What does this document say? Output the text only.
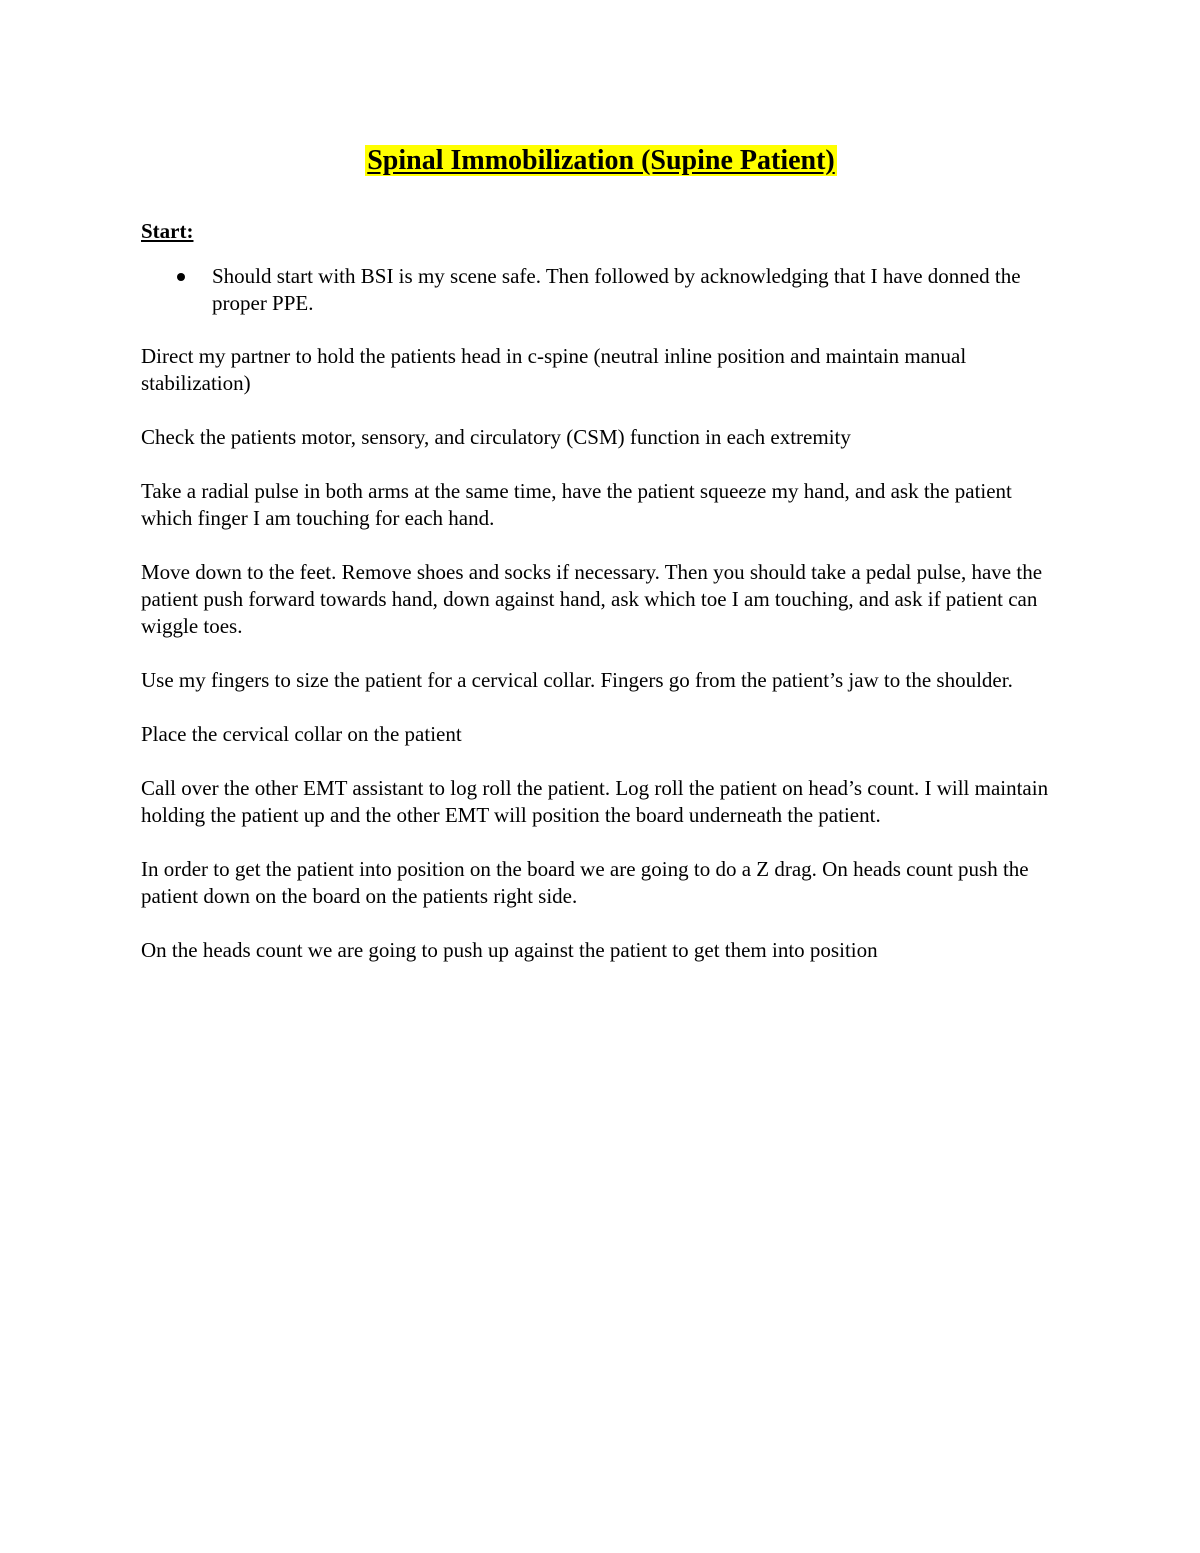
Spinal Immobilization (Supine Patient)
Start:
Should start with BSI is my scene safe. Then followed by acknowledging that I have donned the proper PPE.

Direct my partner to hold the patients head in c-spine (neutral inline position and maintain manual stabilization)

Check the patients motor, sensory, and circulatory (CSM) function in each extremity

Take a radial pulse in both arms at the same time, have the patient squeeze my hand, and ask the patient which finger I am touching for each hand.

Move down to the feet. Remove shoes and socks if necessary. Then you should take a pedal pulse, have the patient push forward towards hand, down against hand, ask which toe I am touching, and ask if patient can wiggle toes.

Use my fingers to size the patient for a cervical collar. Fingers go from the patient’s jaw to the shoulder.

Place the cervical collar on the patient

Call over the other EMT assistant to log roll the patient. Log roll the patient on head’s count. I will maintain holding the patient up and the other EMT will position the board underneath the patient.

In order to get the patient into position on the board we are going to do a Z drag. On heads count push the patient down on the board on the patients right side.

On the heads count we are going to push up against the patient to get them into position
